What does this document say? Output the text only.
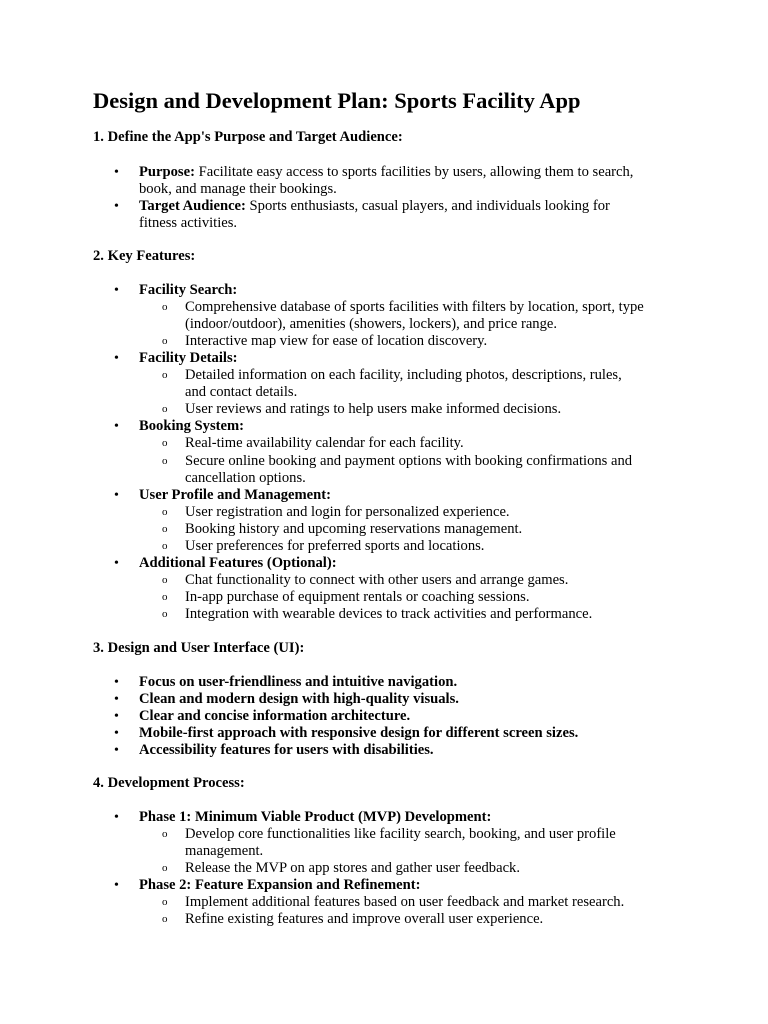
Design and Development Plan: Sports Facility App

1. Define the App's Purpose and Target Audience:

• Purpose: Facilitate easy access to sports facilities by users, allowing them to search,

book, and manage their bookings.

• Target Audience: Sports enthusiasts, casual players, and individuals looking for

fitness activities.

2. Key Features:

• Facility Search:

o Comprehensive database of sports facilities with filters by location, sport, type

(indoor/outdoor), amenities (showers, lockers), and price range.

o Interactive map view for ease of location discovery.

• Facility Details:

o Detailed information on each facility, including photos, descriptions, rules,

and contact details.

o User reviews and ratings to help users make informed decisions.

• Booking System:

o Real-time availability calendar for each facility.

o Secure online booking and payment options with booking confirmations and

cancellation options.

• User Profile and Management:

o User registration and login for personalized experience.

o Booking history and upcoming reservations management.

o User preferences for preferred sports and locations.

• Additional Features (Optional):

o Chat functionality to connect with other users and arrange games.

o In-app purchase of equipment rentals or coaching sessions.

o Integration with wearable devices to track activities and performance.

3. Design and User Interface (UI):

• Focus on user-friendliness and intuitive navigation.

• Clean and modern design with high-quality visuals.

• Clear and concise information architecture.

• Mobile-first approach with responsive design for different screen sizes.

• Accessibility features for users with disabilities.

4. Development Process:

• Phase 1: Minimum Viable Product (MVP) Development:

o Develop core functionalities like facility search, booking, and user profile

management.

o Release the MVP on app stores and gather user feedback.

• Phase 2: Feature Expansion and Refinement:

o Implement additional features based on user feedback and market research.

o Refine existing features and improve overall user experience.
